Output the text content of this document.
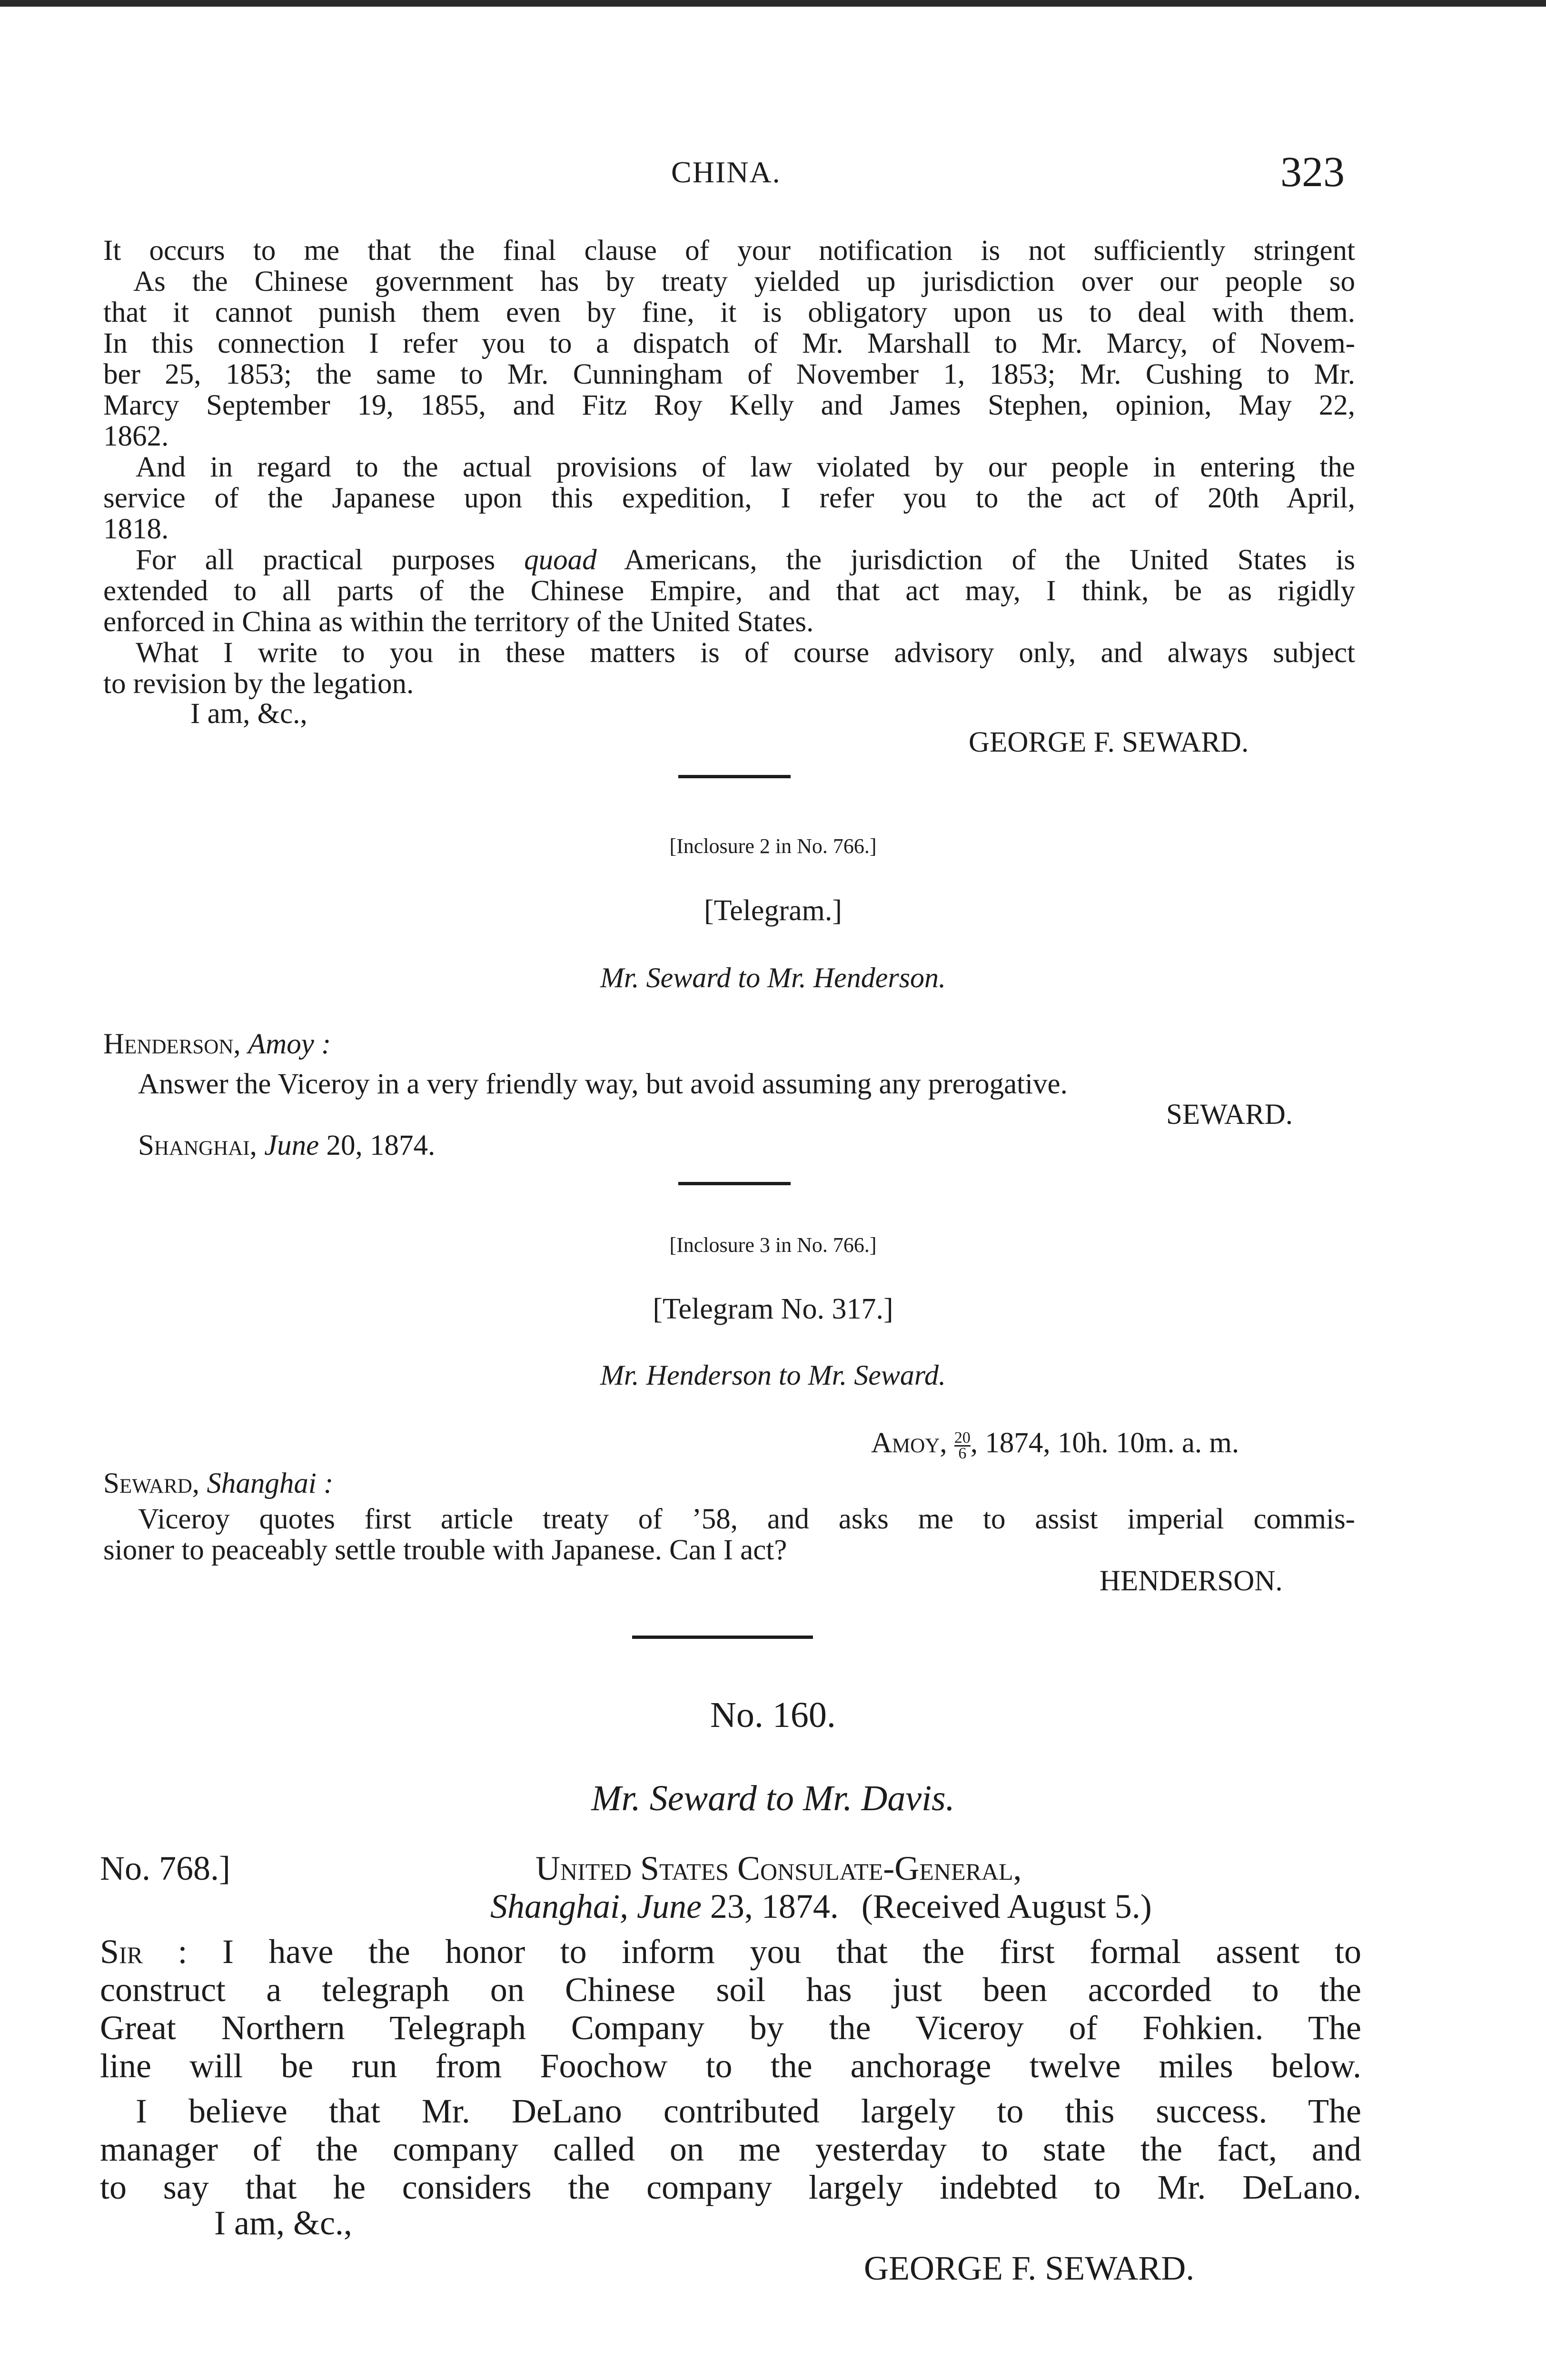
CHINA.	323
It occurs to me that the final clause of your notification is not sufficiently stringent
As the Chinese government has by treaty yielded up jurisdiction over our people so
that it cannot punish them even by fine, it is obligatory upon us to deal with them.
In this connection I refer you to a dispatch of Mr. Marshall to Mr. Marcy, of Novem-
ber 25, 1853; the same to Mr. Cunningham of November 1, 1853; Mr. Cushing to Mr.
Marcy September 19, 1855, and Fitz Roy Kelly and James Stephen, opinion, May 22,
1862.
And in regard to the actual provisions of law violated by our people in entering the
service of the Japanese upon this expedition, I refer you to the act of 20th April,
1818.
For all practical purposes quoad Americans, the jurisdiction of the United States is
extended to all parts of the Chinese Empire, and that act may, I think, be as rigidly
enforced in China as within the territory of the United States.
What I write to you in these matters is of course advisory only, and always subject
to revision by the legation.
I am, &c.,
GEORGE F. SEWARD.
[Inclosure 2 in No. 766.]
[Telegram.]
Mr. Seward to Mr. Henderson.
Henderson, Amoy :
Answer the Viceroy in a very friendly way, but avoid assuming any prerogative.
SEWARD.
Shanghai, June 20, 1874.
[Inclosure 3 in No. 766.]
[Telegram No. 317.]
Mr. Henderson to Mr. Seward.
Amoy, $\frac{20}{6}$ , 1874, 10h. 10m. a. m.
Seward, Shanghai :
Viceroy quotes first article treaty of ’58, and asks me to assist imperial commis-
sioner to peaceably settle trouble with Japanese. Can I act?
HENDERSON.
No. 160.
Mr. Seward to Mr. Davis.
No. 768.]	United States Consulate-General,
Shanghai, June 23, 1874. (Received August 5.)
Sir : I have the honor to inform you that the first formal assent to
construct a telegraph on Chinese soil has just been accorded to the
Great Northern Telegraph Company by the Viceroy of Fohkien. The
line will be run from Foochow to the anchorage twelve miles below.
I believe that Mr. DeLano contributed largely to this success. The
manager of the company called on me yesterday to state the fact, and
to say that he considers the company largely indebted to Mr. DeLano.
I am, &c.,
GEORGE F. SEWARD.
